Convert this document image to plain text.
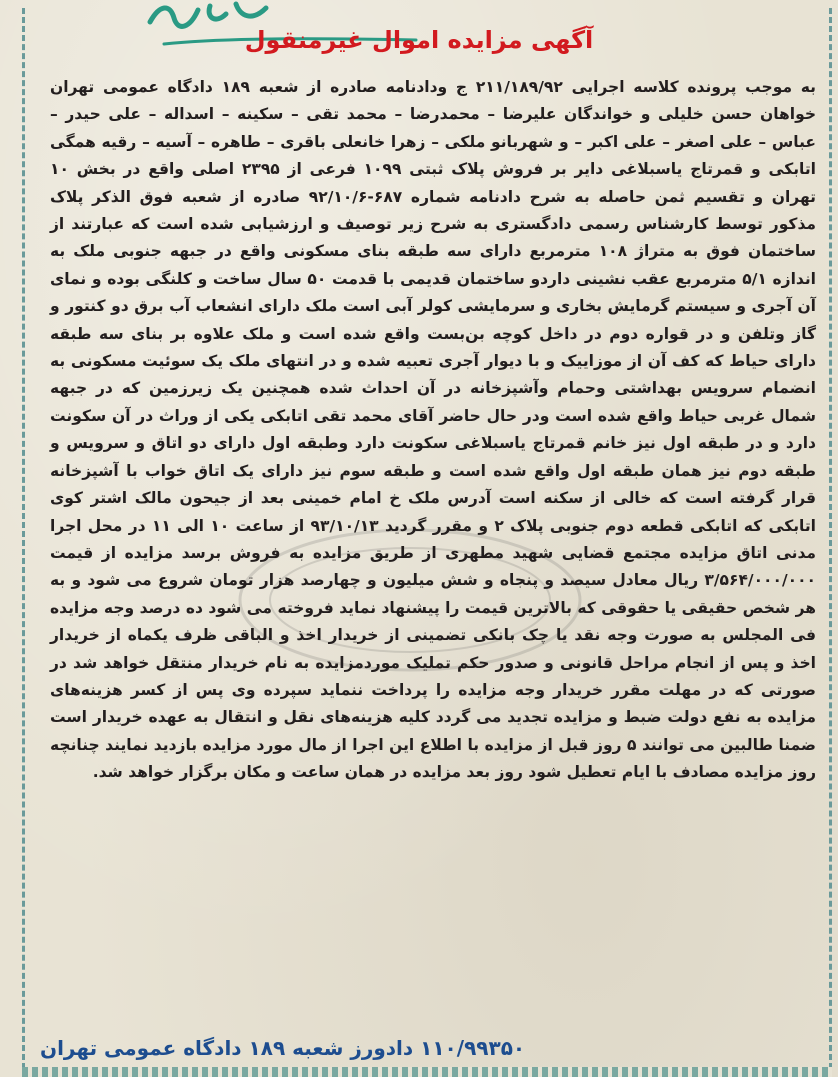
آگهی مزایده اموال غیرمنقول
به موجب پرونده کلاسه اجرایی ۲۱۱/۱۸۹/۹۲ ج ودادنامه صادره از شعبه ۱۸۹ دادگاه عمومی تهران خواهان حسن خلیلی و خواندگان علیرضا – محمدرضا – محمد تقی – سکینه – اسداله – علی حیدر – عباس – علی اصغر – علی اکبر – و شهربانو ملکی – زهرا خانعلی باقری – طاهره – آسیه – رقیه همگی اتابکی و قمرتاج یاسبلاغی دایر بر فروش پلاک ثبتی ۱۰۹۹ فرعی از ۲۳۹۵ اصلی واقع در بخش ۱۰ تهران و تقسیم ثمن حاصله به شرح دادنامه شماره ۶۸۷-۹۲/۱۰/۶ صادره از شعبه فوق الذکر پلاک مذکور توسط کارشناس رسمی دادگستری به شرح زیر توصیف و ارزشیابی شده است که عبارتند از ساختمان فوق به متراژ ۱۰۸ مترمربع دارای سه طبقه بنای مسکونی واقع در جبهه جنوبی ملک به اندازه ۵/۱ مترمربع عقب نشینی داردو ساختمان قدیمی با قدمت ۵۰ سال ساخت و کلنگی بوده و نمای آن آجری و سیستم گرمایش بخاری و سرمایشی کولر آبی است ملک دارای انشعاب آب برق دو کنتور و گاز وتلفن و در قواره دوم در داخل کوچه بن‌بست واقع شده است و ملک علاوه بر بنای سه طبقه دارای حیاط که کف آن از موزاییک و با دیوار آجری تعبیه شده و در انتهای ملک یک سوئیت مسکونی به انضمام سرویس بهداشتی وحمام وآشپزخانه در آن احداث شده همچنین یک زیرزمین که در جبهه شمال غربی حیاط واقع شده است ودر حال حاضر آقای محمد تقی اتابکی یکی از وراث در آن سکونت دارد و در طبقه اول نیز خانم قمرتاج یاسبلاغی سکونت دارد وطبقه اول دارای دو اتاق و سرویس و طبقه دوم نیز همان طبقه اول واقع شده است و طبقه سوم نیز دارای یک اتاق خواب با آشپزخانه قرار گرفته است که خالی از سکنه است آدرس ملک خ امام خمینی بعد از جیحون مالک اشتر کوی اتابکی که اتابکی قطعه دوم جنوبی پلاک ۲ و مقرر گردید ۹۳/۱۰/۱۳ از ساعت ۱۰ الی ۱۱ در محل اجرا مدنی اتاق مزایده مجتمع قضایی شهید مطهری از طریق مزایده به فروش برسد مزایده از قیمت ۳/۵۶۴/۰۰۰/۰۰۰ ریال معادل سیصد و پنجاه و شش میلیون و چهارصد هزار تومان شروع می شود و به هر شخص حقیقی یا حقوقی که بالاترین قیمت را پیشنهاد نماید فروخته می شود ده درصد وجه مزایده فی المجلس به صورت وجه نقد یا چک بانکی تضمینی از خریدار اخذ و الباقی ظرف یکماه از خریدار اخذ و پس از انجام مراحل قانونی و صدور حکم تملیک موردمزایده به نام خریدار منتقل خواهد شد در صورتی که در مهلت مقرر خریدار وجه مزایده را پرداخت ننماید سپرده وی پس از کسر هزینه‌های مزایده به نفع دولت ضبط و مزایده تجدید می گردد کلیه هزینه‌های نقل و انتقال به عهده خریدار است ضمنا طالبین می توانند ۵ روز قبل از مزایده با اطلاع این اجرا از مال مورد مزایده بازدید نمایند چنانچه روز مزایده مصادف با ایام تعطیل شود روز بعد مزایده در همان ساعت و مکان برگزار خواهد شد.
۱۱۰/۹۹۳۵۰ دادورز شعبه ۱۸۹ دادگاه عمومی تهران
